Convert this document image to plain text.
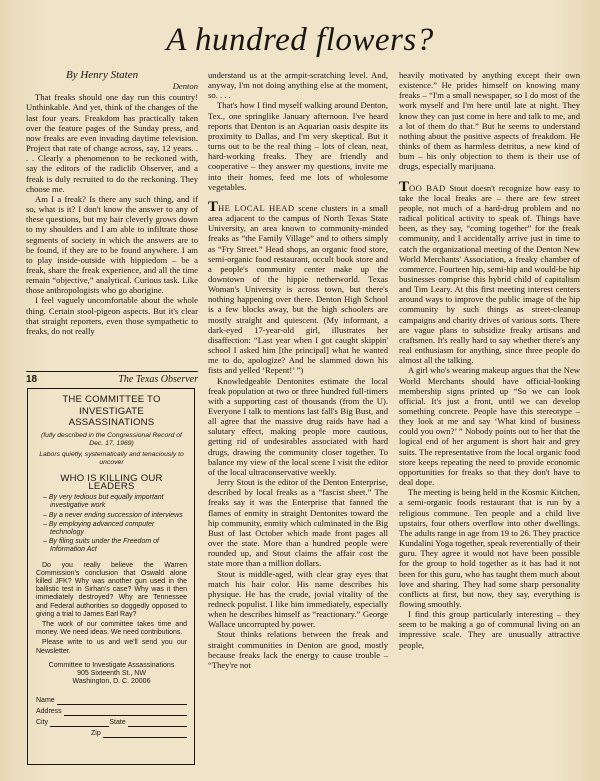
A hundred flowers?
By Henry Staten
Denton

That freaks should one day run this country! Unthinkable. And yet, think of the changes of the last four years. Freakdom has practically taken over the feature pages of the Sunday press, and now freaks are even invading daytime television. Project that rate of change across, say, 12 years. . . . Clearly a phenomenon to be reckoned with, say the editors of the radiclib Observer, and a freak is duly recruited to do the reckoning. They choose me.

Am I a freak? Is there any such thing, and if so, what is it? I don't know the answer to any of these questions, but my hair cleverly grows down to my shoulders and I am able to infiltrate those segments of society in which the answers are to be found, if they are to be found anywhere. I am to play inside-outside with hippiedom – be a freak, share the freak experience, and all the time remain “objective,” analytical. Curious task. Like those anthropologists who go aborigine.

I feel vaguely uncomfortable about the whole thing. Certain stool-pigeon aspects. But it's clear that straight reporters, even those sympathetic to freaks, do not really

18	The Texas Observer
THE COMMITTEE TO INVESTIGATE ASSASSINATIONS
(fully described in the Congressional Record of Dec. 17, 1969)
Labors quietly, systematically and tenaciously to uncover
WHO IS KILLING OUR LEADERS
– By very tedious but equally important investigative work
– By a never ending succession of interviews
– By employing advanced computer technology
– By filing suits under the Freedom of Information Act

Do you really believe the Warren Commission's conclusion that Oswald alone killed JFK? Why was another gun used in the ballistic test in Sirhan's case? Why was it then immediately destroyed? Why are Tennessee and Federal authorities so doggedly opposed to giving a trial to James Earl Ray?

The work of our committee takes time and money. We need ideas. We need contributions.

Please write to us and we'll send you our Newsletter.

Committee to Investigate Assassinations
905 Sixteenth St., NW
Washington, D. C. 20006
Name
Address
City	State
Zip

understand us at the armpit-scratching level. And, anyway, I'm not doing anything else at the moment, so. . . .

That's how I find myself walking around Denton, Tex., one springlike January afternoon. I've heard reports that Denton is an Aquarian oasis despite its proximity to Dallas, and I'm very skeptical. But it turns out to be the real thing – lots of clean, neat, hard-working freaks. They are friendly and cooperative – they answer my questions, invite me into their homes, feed me lots of wholesome vegetables.

THE LOCAL HEAD scene clusters in a small area adjacent to the campus of North Texas State University, an area known to community-minded freaks as “the Family Village” and to others simply as “Fry Street.” Head shops, an organic food store, semi-organic food restaurant, occult book store and a people's community center make up the downtown of the hippie netherworld. Texas Woman's University is across town, but there's nothing happening over there. Denton High School is a few blocks away, but the high schoolers are mostly straight and quiescent. (My informant, a dark-eyed 17-year-old girl, illustrates her disaffection: “Last year when I got caught skippin' school I asked him [the principal] what he wanted me to do, apologize? And he slammed down his fists and yelled ‘Repent!’ ”)

Knowledgeable Dentonites estimate the local freak population at two or three hundred full-timers with a supporting cast of thousands (from the U). Everyone I talk to mentions last fall's Big Bust, and all agree that the massive drug raids have had a salutary effect, making people more cautious, getting rid of undesirables associated with hard drugs, drawing the community closer together. To balance my view of the local scene I visit the editor of the local ultraconservative weekly.

Jerry Stout is the editor of the Denton Enterprise, described by local freaks as a “fascist sheet.” The freaks say it was the Enterprise that fanned the flames of enmity in straight Dentonites toward the hip community, enmity which culminated in the Big Bust of last October which made front pages all over the state. More than a hundred people were rounded up, and Stout claims the affair cost the state more than a million dollars.

Stout is middle-aged, with clear gray eyes that match his hair color. His name describes his physique. He has the crude, jovial vitality of the redneck populist. I like him immediately, especially when he describes himself as “reactionary.” George Wallace uncorrupted by power.

Stout thinks relations between the freak and straight communities in Denton are good, mostly because freaks lack the energy to cause trouble – “They're not

heavily motivated by anything except their own existence.” He prides himself on knowing many freaks – “I'm a small newspaper, so I do most of the work myself and I'm here until late at night. They know they can just come in here and talk to me, and a lot of them do that.” But he seems to understand nothing about the positive aspects of freakdom. He thinks of them as harmless detritus, a new kind of bum – his only objection to them is their use of drugs, especially marijuana.

TOO BAD Stout doesn't recognize how easy to take the local freaks are – there are few street people, not much of a hard-drug problem and no radical political activity to speak of. Things have been, as they say, “coming together” for the freak community, and I accidentally arrive just in time to catch the organizational meeting of the Denton New World Merchants' Association, a freaky chamber of commerce. Fourteen hip, semi-hip and would-be hip businesses comprise this hybrid child of capitalism and Tim Leary. At this first meeting interest centers around ways to improve the public image of the hip community by such things as street-cleanup campaigns and charity drives of various sorts. There are vague plans to subsidize freaky artisans and craftsmen. It's really hard to say whether there's any real enthusiasm for anything, since three people do almost all the talking.

A girl who's wearing makeup argues that the New World Merchants should have official-looking membership signs printed up “So we can look official. It's just a front, until we can develop something concrete. People have this stereotype – they look at me and say ‘What kind of business could you own?’ ” Nobody points out to her that the logical end of her argument is short hair and grey suits. The representative from the local organic food store keeps repeating the need to provide economic opportunities for freaks so that they don't have to deal dope.

The meeting is being held in the Kosmic Kitchen, a semi-organic foods restaurant that is run by a religious commune. Ten people and a child live upstairs, four others overflow into other dwellings. The adults range in age from 19 to 26. They practice Kundalini Yoga together, speak reverentially of their guru. They agree it would not have been possible for the group to hold together as it has had it not been for this guru, who has taught them much about love and sharing. They had some sharp personality conflicts at first, but now, they say, everything is flowing smoothly.

I find this group particularly interesting – they seem to be making a go of communal living on an impressive scale. They are unusually attractive people,
